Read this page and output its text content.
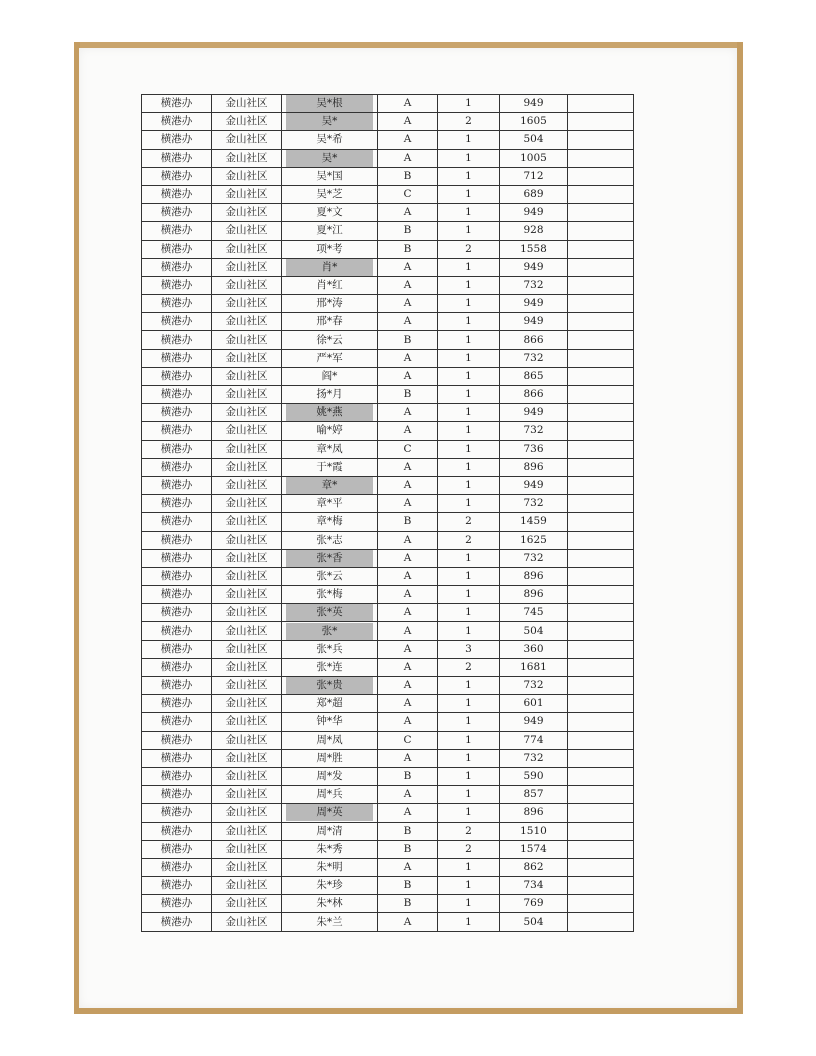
横港办	金山社区	吴*根	A	1	949	
横港办	金山社区	吴*	A	2	1605	
横港办	金山社区	吴*希	A	1	504	
横港办	金山社区	吴*	A	1	1005	
横港办	金山社区	吴*国	B	1	712	
横港办	金山社区	吴*芝	C	1	689	
横港办	金山社区	夏*文	A	1	949	
横港办	金山社区	夏*江	B	1	928	
横港办	金山社区	项*考	B	2	1558	
横港办	金山社区	肖*	A	1	949	
横港办	金山社区	肖*红	A	1	732	
横港办	金山社区	邢*涛	A	1	949	
横港办	金山社区	邢*春	A	1	949	
横港办	金山社区	徐*云	B	1	866	
横港办	金山社区	严*军	A	1	732	
横港办	金山社区	阎*	A	1	865	
横港办	金山社区	扬*月	B	1	866	
横港办	金山社区	姚*燕	A	1	949	
横港办	金山社区	喻*婷	A	1	732	
横港办	金山社区	章*凤	C	1	736	
横港办	金山社区	于*霞	A	1	896	
横港办	金山社区	章*	A	1	949	
横港办	金山社区	章*平	A	1	732	
横港办	金山社区	章*梅	B	2	1459	
横港办	金山社区	张*志	A	2	1625	
横港办	金山社区	张*香	A	1	732	
横港办	金山社区	张*云	A	1	896	
横港办	金山社区	张*梅	A	1	896	
横港办	金山社区	张*英	A	1	745	
横港办	金山社区	张*	A	1	504	
横港办	金山社区	张*兵	A	3	360	
横港办	金山社区	张*连	A	2	1681	
横港办	金山社区	张*贵	A	1	732	
横港办	金山社区	郑*超	A	1	601	
横港办	金山社区	钟*华	A	1	949	
横港办	金山社区	周*凤	C	1	774	
横港办	金山社区	周*胜	A	1	732	
横港办	金山社区	周*发	B	1	590	
横港办	金山社区	周*兵	A	1	857	
横港办	金山社区	周*英	A	1	896	
横港办	金山社区	周*清	B	2	1510	
横港办	金山社区	朱*秀	B	2	1574	
横港办	金山社区	朱*明	A	1	862	
横港办	金山社区	朱*珍	B	1	734	
横港办	金山社区	朱*林	B	1	769	
横港办	金山社区	朱*兰	A	1	504	
